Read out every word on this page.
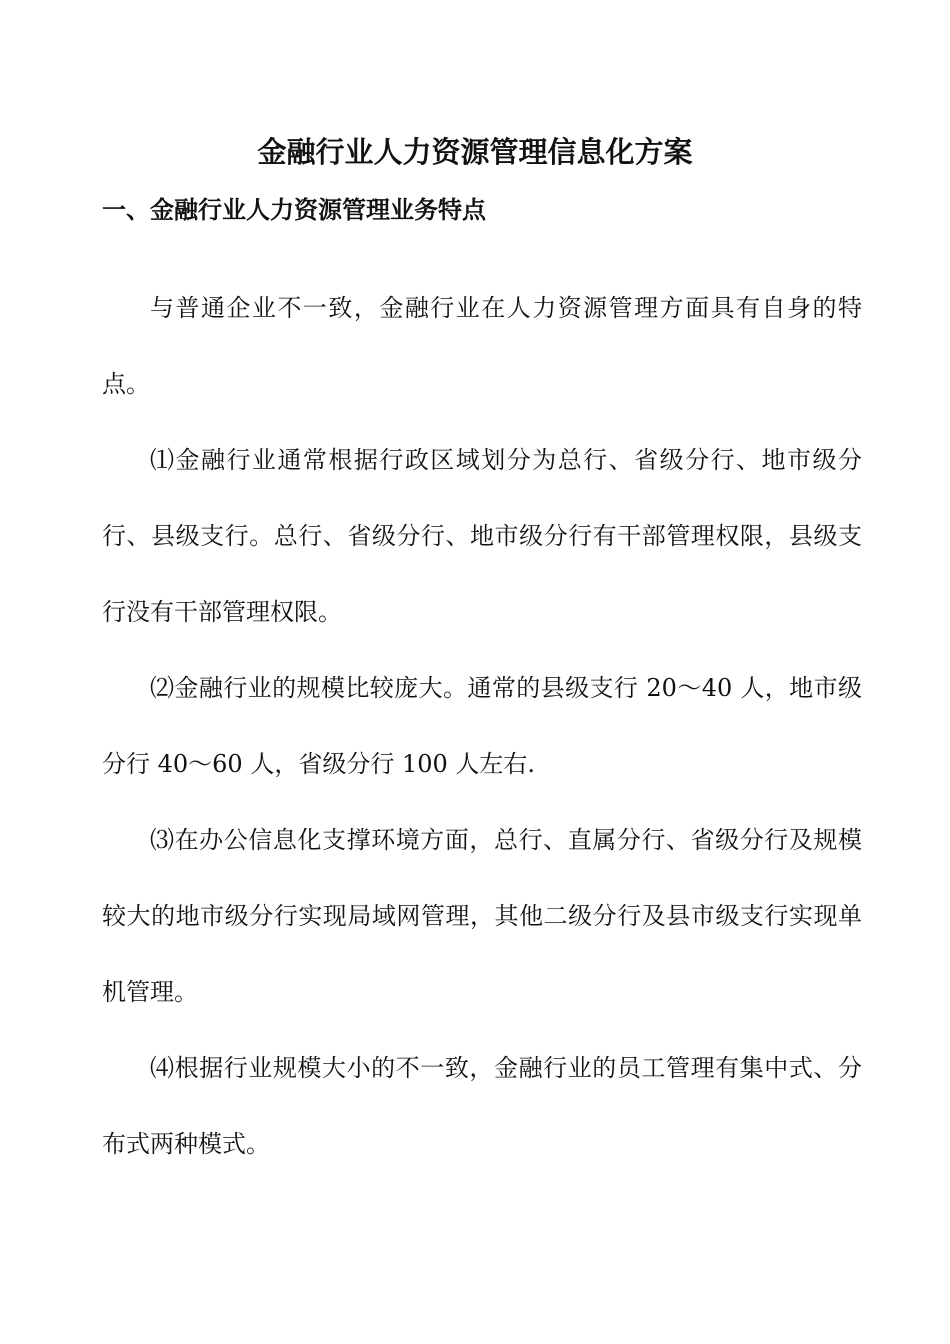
金融行业人力资源管理信息化方案
一、金融行业人力资源管理业务特点

与普通企业不一致，金融行业在人力资源管理方面具有自身的特点。

⑴金融行业通常根据行政区域划分为总行、省级分行、地市级分行、县级支行。总行、省级分行、地市级分行有干部管理权限，县级支行没有干部管理权限。

⑵金融行业的规模比较庞大。通常的县级支行 20～40 人，地市级分行 40～60 人，省级分行 100 人左右.

⑶在办公信息化支撑环境方面，总行、直属分行、省级分行及规模较大的地市级分行实现局域网管理，其他二级分行及县市级支行实现单机管理。

⑷根据行业规模大小的不一致，金融行业的员工管理有集中式、分布式两种模式。
